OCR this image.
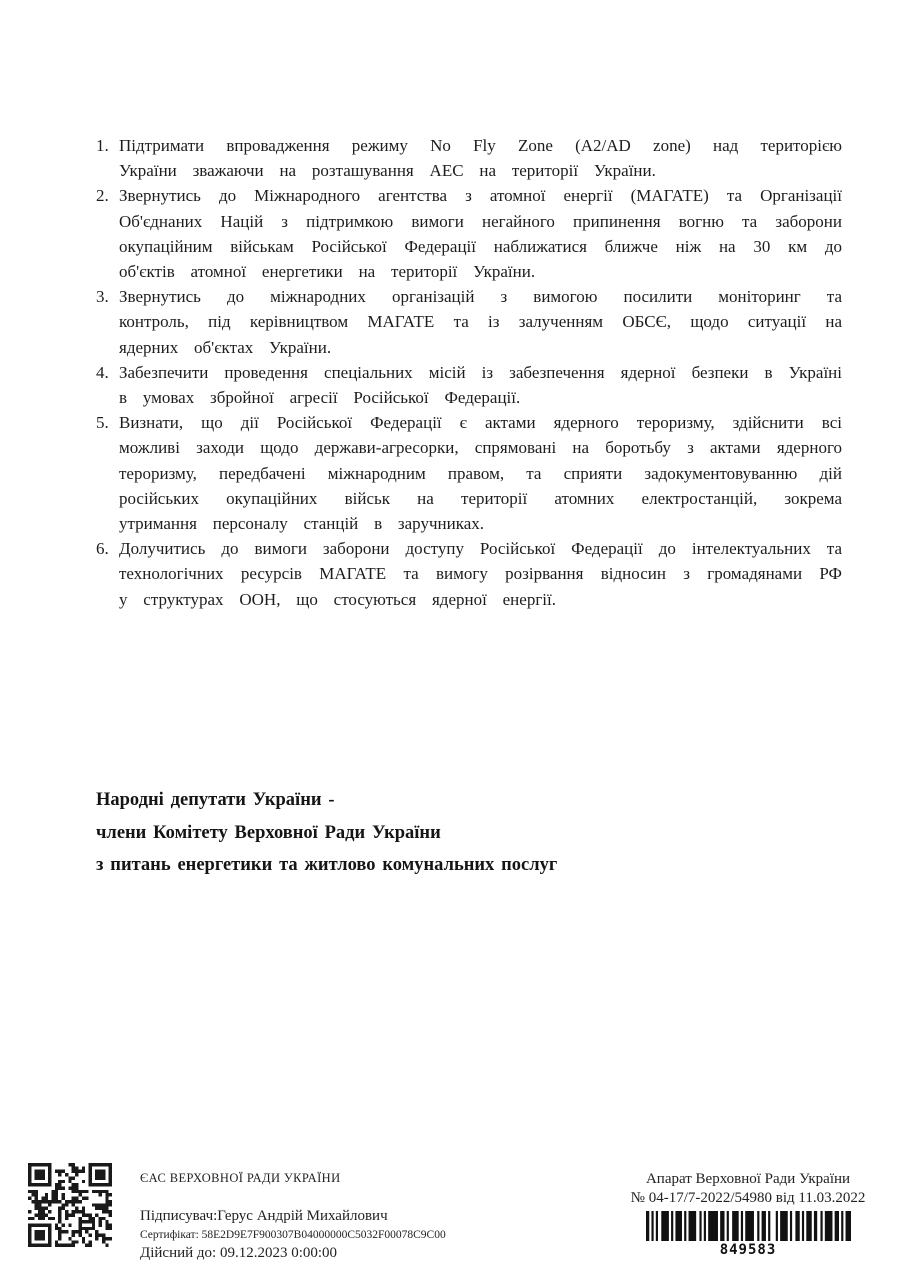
1. Підтримати впровадження режиму No Fly Zone (A2/AD zone) над територією України зважаючи на розташування АЕС на території України.
2. Звернутись до Міжнародного агентства з атомної енергії (МАГАТЕ) та Організації Об'єднаних Націй з підтримкою вимоги негайного припинення вогню та заборони окупаційним військам Російської Федерації наближатися ближче ніж на 30 км до об'єктів атомної енергетики на території України.
3. Звернутись до міжнародних організацій з вимогою посилити моніторинг та контроль, під керівництвом МАГАТЕ та із залученням ОБСЄ, щодо ситуації на ядерних об'єктах України.
4. Забезпечити проведення спеціальних місій із забезпечення ядерної безпеки в Україні в умовах збройної агресії Російської Федерації.
5. Визнати, що дії Російської Федерації є актами ядерного тероризму, здійснити всі можливі заходи щодо держави-агресорки, спрямовані на боротьбу з актами ядерного тероризму, передбачені міжнародним правом, та сприяти задокументовуванню дій російських окупаційних військ на території атомних електростанцій, зокрема утримання персоналу станцій в заручниках.
6. Долучитись до вимоги заборони доступу Російської Федерації до інтелектуальних та технологічних ресурсів МАГАТЕ та вимогу розірвання відносин з громадянами РФ у структурах ООН, що стосуються ядерної енергії.
Народні депутати України -
члени Комітету Верховної Ради України
з питань енергетики та житлово комунальних послуг
ЄАС ВЕРХОВНОЇ РАДИ УКРАЇНИ
Підписувач:Герус Андрій Михайлович
Сертифікат: 58E2D9E7F900307B04000000C5032F00078C9C00
Дійсний до: 09.12.2023 0:00:00
Апарат Верховної Ради України
№ 04-17/7-2022/54980 від 11.03.2022
849583
